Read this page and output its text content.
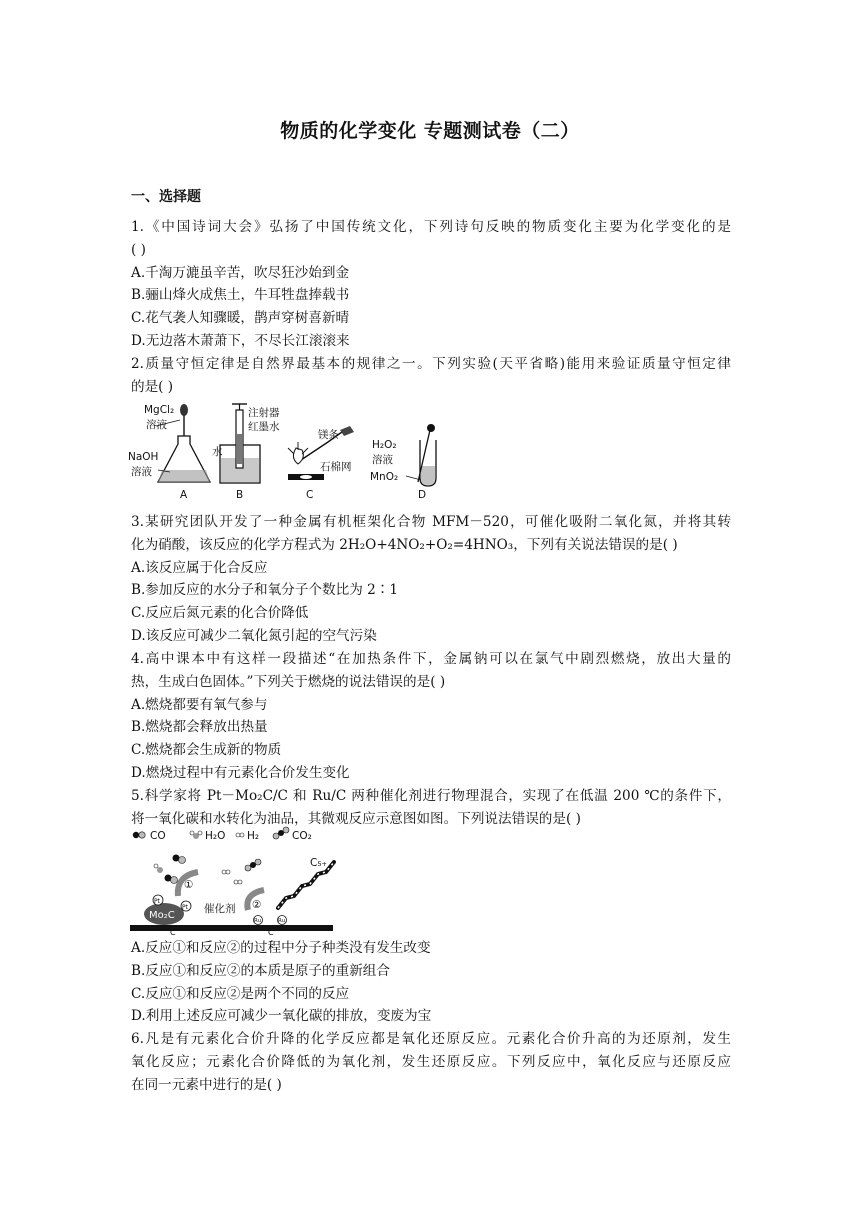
物质的化学变化 专题测试卷（二）
一、选择题
1.《中国诗词大会》弘扬了中国传统文化，下列诗句反映的物质变化主要为化学变化的是
( )
A.千淘万漉虽辛苦，吹尽狂沙始到金
B.骊山烽火成焦土，牛耳牲盘捧载书
C.花气袭人知骤暖，鹊声穿树喜新晴
D.无边落木萧萧下，不尽长江滚滚来
2.质量守恒定律是自然界最基本的规律之一。下列实验(天平省略)能用来验证质量守恒定律
的是( )
MgCl₂
溶液
NaOH
溶液
A
水
注射器
红墨水
B
镁条
石棉网
C
H₂O₂
溶液
MnO₂
D
3.某研究团队开发了一种金属有机框架化合物 MFM－520，可催化吸附二氧化氮，并将其转
化为硝酸，该反应的化学方程式为 2H₂O+4NO₂+O₂=4HNO₃，下列有关说法错误的是( )
A.该反应属于化合反应
B.参加反应的水分子和氧分子个数比为 2∶1
C.反应后氮元素的化合价降低
D.该反应可减少二氧化氮引起的空气污染
4.高中课本中有这样一段描述“在加热条件下，金属钠可以在氯气中剧烈燃烧，放出大量的
热，生成白色固体。”下列关于燃烧的说法错误的是( )
A.燃烧都要有氧气参与
B.燃烧都会释放出热量
C.燃烧都会生成新的物质
D.燃烧过程中有元素化合价发生变化
5.科学家将 Pt－Mo₂C/C 和 Ru/C 两种催化剂进行物理混合，实现了在低温 200 ℃的条件下，
将一氧化碳和水转化为油品，其微观反应示意图如图。下列说法错误的是( )
CO	H₂O H₂	CO₂
C₅₊
①
②
Mo₂C
Pt
Pt 催化剂
Ru	Ru
C	C
A.反应①和反应②的过程中分子种类没有发生改变
B.反应①和反应②的本质是原子的重新组合
C.反应①和反应②是两个不同的反应
D.利用上述反应可减少一氧化碳的排放，变废为宝
6.凡是有元素化合价升降的化学反应都是氧化还原反应。元素化合价升高的为还原剂，发生
氧化反应；元素化合价降低的为氧化剂，发生还原反应。下列反应中，氧化反应与还原反应
在同一元素中进行的是( )
